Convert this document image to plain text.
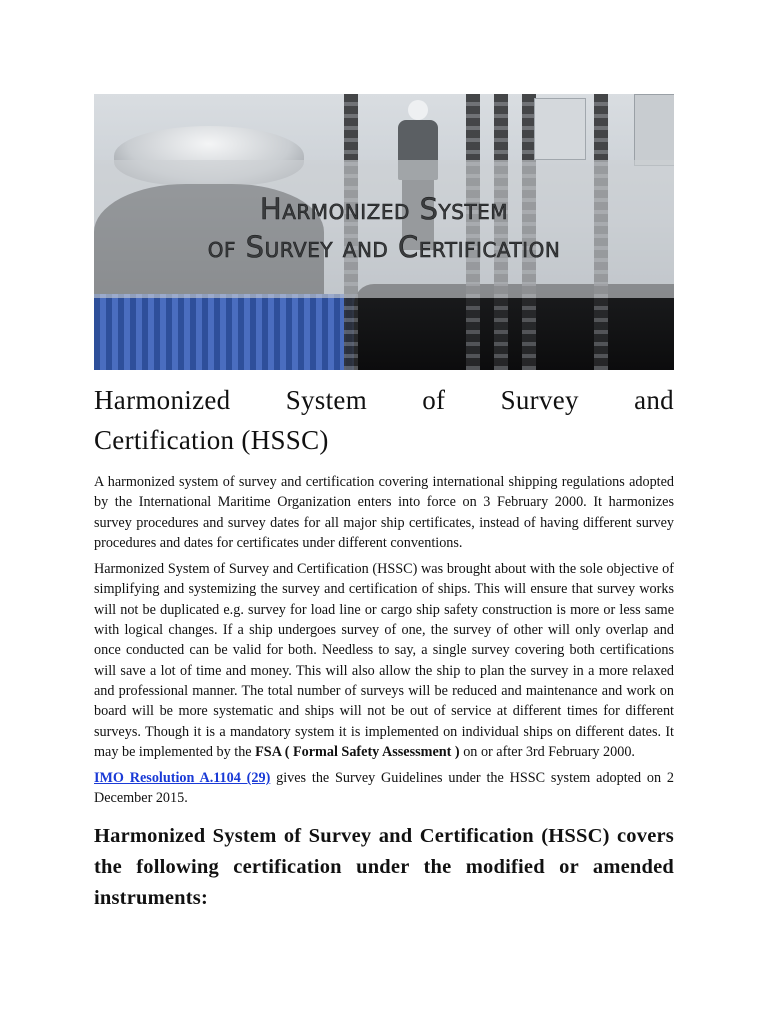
Harmonized System
of Survey and Certification
Harmonized System of Survey and
Certification (HSSC)

A harmonized system of survey and certification covering international shipping regulations adopted by the International Maritime Organization enters into force on 3 February 2000. It harmonizes survey procedures and survey dates for all major ship certificates, instead of having different survey procedures and dates for certificates under different conventions.

Harmonized System of Survey and Certification (HSSC) was brought about with the sole objective of simplifying and systemizing the survey and certification of ships. This will ensure that survey works will not be duplicated e.g. survey for load line or cargo ship safety construction is more or less same with logical changes. If a ship undergoes survey of one, the survey of other will only overlap and once conducted can be valid for both. Needless to say, a single survey covering both certifications will save a lot of time and money. This will also allow the ship to plan the survey in a more relaxed and professional manner. The total number of surveys will be reduced and maintenance and work on board will be more systematic and ships will not be out of service at different times for different surveys. Though it is a mandatory system it is implemented on individual ships on different dates. It may be implemented by the FSA ( Formal Safety Assessment ) on or after 3rd February 2000.

IMO Resolution A.1104 (29) gives the Survey Guidelines under the HSSC system adopted on 2 December 2015.

Harmonized System of Survey and Certification (HSSC) covers the following certification under the modified or amended instruments:
